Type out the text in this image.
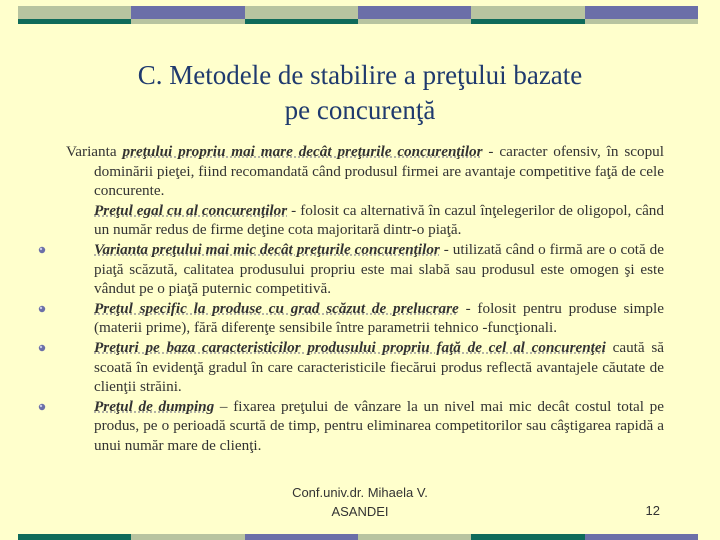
C. Metodele de stabilire a preţului bazate
pe concurenţă

Varianta preţului propriu mai mare decât preţurile concurenţilor - caracter ofensiv, în scopul dominării pieţei, fiind recomandată când produsul firmei are avantaje competitive faţă de cele concurente.

Preţul egal cu al concurenţilor - folosit ca alternativă în cazul înţelegerilor de oligopol, când un număr redus de firme deţine cota majoritară dintr-o piaţă.

Varianta preţului mai mic decât preţurile concurenţilor - utilizată când o firmă are o cotă de piaţă scăzută, calitatea produsului propriu este mai slabă sau produsul este omogen şi este vândut pe o piaţă puternic competitivă.

Preţul specific la produse cu grad scăzut de prelucrare - folosit pentru produse simple (materii prime), fără diferenţe sensibile între parametrii tehnico -funcţionali.

Preţuri pe baza caracteristicilor produsului propriu faţă de cel al concurenţei caută să scoată în evidenţă gradul în care caracteristicile fiecărui produs reflectă avantajele căutate de clienţii străini.

Preţul de dumping – fixarea preţului de vânzare la un nivel mai mic decât costul total pe produs, pe o perioadă scurtă de timp, pentru eliminarea competitorilor sau câştigarea rapidă a unui număr mare de clienţi.

Conf.univ.dr. Mihaela V.
ASANDEI	12
